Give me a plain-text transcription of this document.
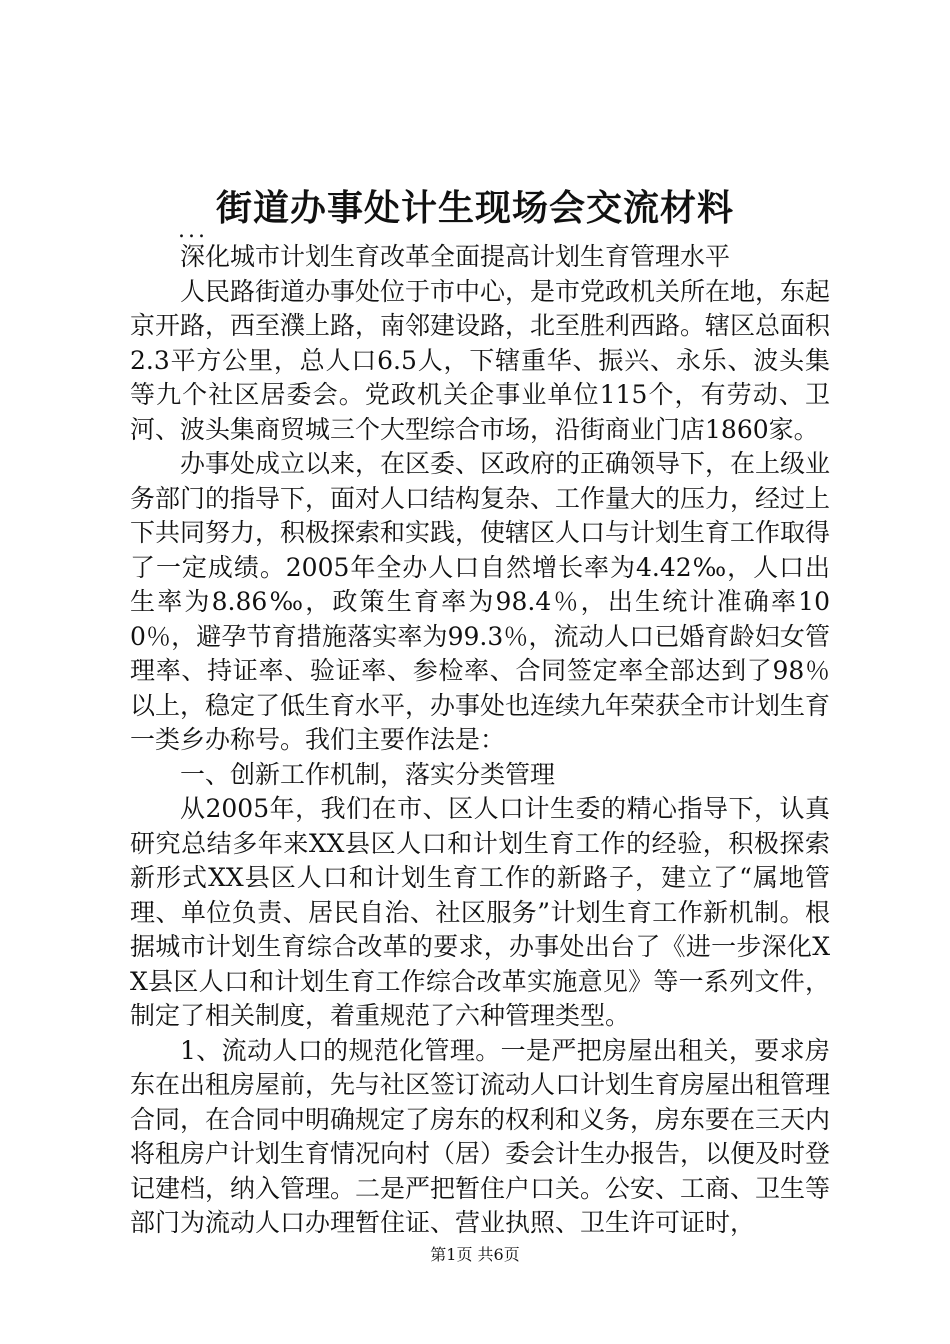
街道办事处计生现场会交流材料
...

深化城市计划生育改革全面提高计划生育管理水平

人民路街道办事处位于市中心，是市党政机关所在地，东起京开路，西至濮上路，南邻建设路，北至胜利西路。辖区总面积2.3平方公里，总人口6.5人，下辖重华、振兴、永乐、波头集等九个社区居委会。党政机关企事业单位115个，有劳动、卫河、波头集商贸城三个大型综合市场，沿街商业门店1860家。

办事处成立以来，在区委、区政府的正确领导下，在上级业务部门的指导下，面对人口结构复杂、工作量大的压力，经过上下共同努力，积极探索和实践，使辖区人口与计划生育工作取得了一定成绩。2005年全办人口自然增长率为4.42‰，人口出生率为8.86‰，政策生育率为98.4％，出生统计准确率100％，避孕节育措施落实率为99.3％，流动人口已婚育龄妇女管理率、持证率、验证率、参检率、合同签定率全部达到了98％以上，稳定了低生育水平，办事处也连续九年荣获全市计划生育一类乡办称号。我们主要作法是：

一、创新工作机制，落实分类管理

从2005年，我们在市、区人口计生委的精心指导下，认真研究总结多年来XX县区人口和计划生育工作的经验，积极探索新形式XX县区人口和计划生育工作的新路子，建立了“属地管理、单位负责、居民自治、社区服务”计划生育工作新机制。根据城市计划生育综合改革的要求，办事处出台了《进一步深化XX县区人口和计划生育工作综合改革实施意见》等一系列文件，制定了相关制度，着重规范了六种管理类型。

1、流动人口的规范化管理。一是严把房屋出租关，要求房东在出租房屋前，先与社区签订流动人口计划生育房屋出租管理合同，在合同中明确规定了房东的权利和义务，房东要在三天内将租房户计划生育情况向村（居）委会计生办报告，以便及时登记建档，纳入管理。二是严把暂住户口关。公安、工商、卫生等部门为流动人口办理暂住证、营业执照、卫生许可证时，

第1页 共6页
